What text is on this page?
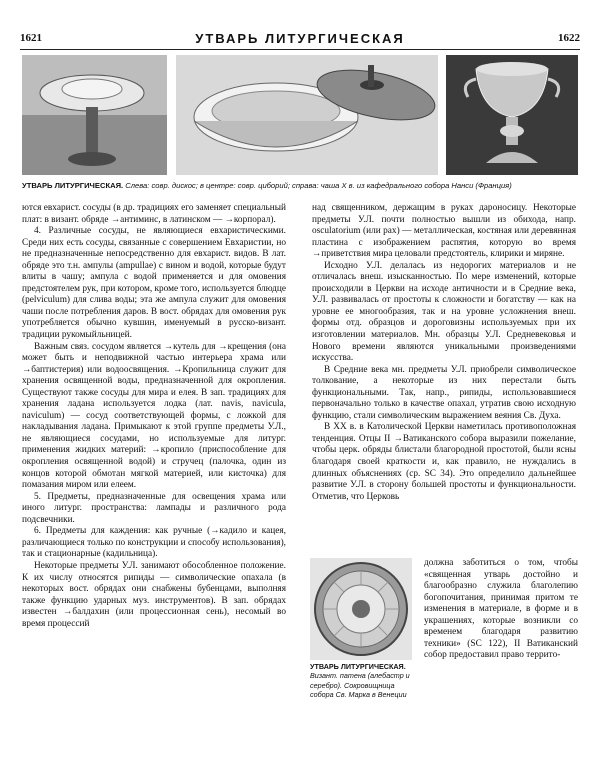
1621	УТВАРЬ ЛИТУРГИЧЕСКАЯ	1622
УТВАРЬ ЛИТУРГИЧЕСКАЯ. Слева: совр. дискос; в центре: совр. циборий; справа: чаша X в. из кафедрального собора Нанси (Франция)

ются евхарист. сосуды (в др. традициях его заменяет специальный плат: в визант. обряде →антиминс, в латинском — →корпорал).

4. Различные сосуды, не являющиеся евхаристическими. Среди них есть сосуды, связанные с совершением Евхаристии, но не предназначенные непосредственно для евхарист. видов. В лат. обряде это т.н. ампулы (ampullae) с вином и водой, которые будут влиты в чашу; ампула с водой применяется и для омовения предстоятелем рук, при котором, кроме того, используется блюдце (pelviculum) для слива воды; эта же ампула служит для омовения чаши после потребления даров. В вост. обрядах для омовения рук употребляется обычно кувшин, именуемый в русско-визант. традиции рукомыйльницей.

Важным связ. сосудом является →кутель для →крещения (она может быть и неподвижной частью интерьера храма или →баптистерия) или водоосвящения. →Кропильница служит для хранения освященной воды, предназначенной для окропления. Существуют также сосуды для мира и елея. В зап. традициях для хранения ладана используется лодка (лат. navis, navicula, naviculum) — сосуд соответствующей формы, с ложкой для накладывания ладана. Примыкают к этой группе предметы У.Л., не являющиеся сосудами, но используемые для литург. применения жидких материй: →кропило (приспособление для окропления освященной водой) и стручец (палочка, один из концов которой обмотан мягкой материей, или кисточка) для помазания миром или елеем.

5. Предметы, предназначенные для освещения храма или иного литург. пространства: лампады и различного рода подсвечники.

6. Предметы для каждения: как ручные (→кадило и кацея, различающиеся только по конструкции и способу использования), так и стационарные (кадильница).

Некоторые предметы У.Л. занимают обособленное положение. К их числу относятся рипиды — символические опахала (в некоторых вост. обрядах они снабжены бубенцами, выполняя также функцию ударных муз. инструментов). В зап. обрядах известен →балдахин (или процессионная сень), несомый во время процессий

над священником, держащим в руках дароносицу. Некоторые предметы У.Л. почти полностью вышли из обихода, напр. osculatorium (или pax) — металлическая, костяная или деревянная пластина с изображением распятия, которую во время →приветствия мира целовали предстоятель, клирики и миряне.

Исходно У.Л. делалась из недорогих материалов и не отличалась внеш. изысканностью. По мере изменений, которые происходили в Церкви на исходе античности и в Средние века, У.Л. развивалась от простоты к сложности и богатству — как на уровне ее многообразия, так и на уровне усложнения внеш. формы отд. образцов и дороговизны используемых при их изготовлении материалов. Мн. образцы У.Л. Средневековья и Нового времени являются уникальными произведениями искусства.

В Средние века мн. предметы У.Л. приобрели символическое толкование, а некоторые из них перестали быть функциональными. Так, напр., рипиды, использовавшиеся первоначально только в качестве опахал, утратив свою исходную функцию, стали символическим выражением веяния Св. Духа.

В XX в. в Католической Церкви наметилась противоположная тенденция. Отцы II →Ватиканского собора выразили пожелание, чтобы церк. обряды блистали благородной простотой, были ясны благодаря своей краткости и, как правило, не нуждались в длинных объяснениях (ср. SC 34). Это определило дальнейшее развитие У.Л. в сторону большей простоты и функциональности. Отметив, что Церковь

УТВАРЬ ЛИТУРГИЧЕСКАЯ. Визант. патена (алебастр и серебро). Сокровищница собора Св. Марка в Венеции

должна заботиться о том, чтобы «священная утварь достойно и благообразно служила благолепию богопочитания, принимая притом те изменения в материале, в форме и в украшениях, которые возникли со временем благодаря развитию техники» (SC 122), II Ватиканский собор предоставил право террито-
